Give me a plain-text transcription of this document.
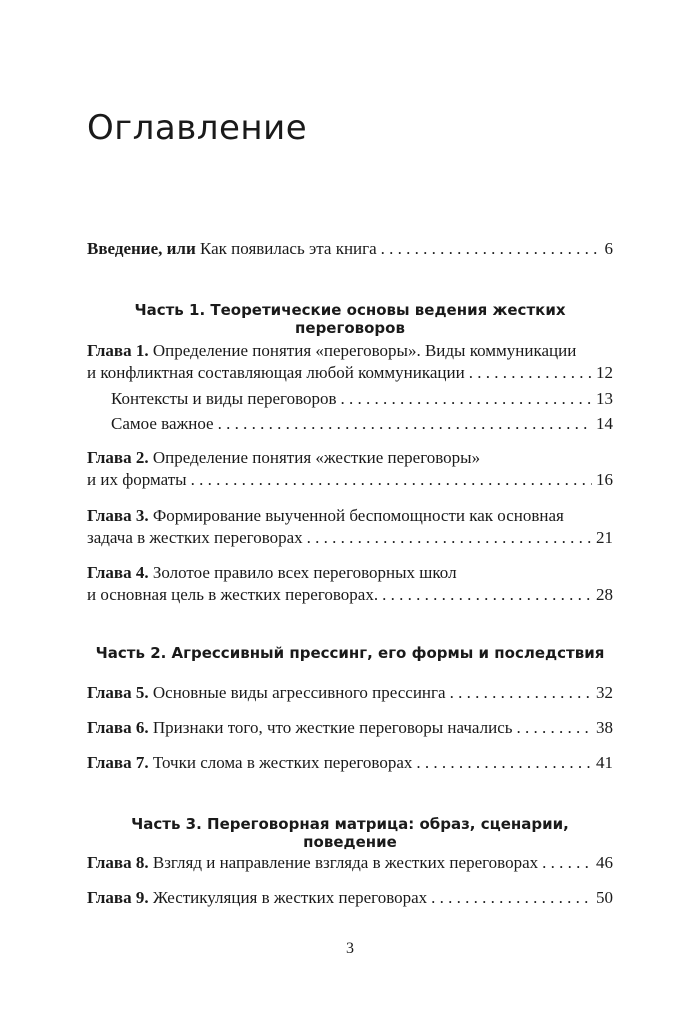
Оглавление
Введение, или Как появилась эта книга . . .	6
Часть 1. Теоретические основы ведения жестких переговоров
Глава 1. Определение понятия «переговоры». Виды коммуникации
и конфликтная составляющая любой коммуникации . . .	12
Контексты и виды переговоров . . .	13
Самое важное . . .	14
Глава 2. Определение понятия «жесткие переговоры»
и их форматы . . .	16
Глава 3. Формирование выученной беспомощности как основная
задача в жестких переговорах . . .	21
Глава 4. Золотое правило всех переговорных школ
и основная цель в жестких переговорах. . . .	28
Часть 2. Агрессивный прессинг, его формы и последствия
Глава 5. Основные виды агрессивного прессинга . . .	32
Глава 6. Признаки того, что жесткие переговоры начались . . .	38
Глава 7. Точки слома в жестких переговорах . . .	41
Часть 3. Переговорная матрица: образ, сценарии, поведение
Глава 8. Взгляд и направление взгляда в жестких переговорах . . .	46
Глава 9. Жестикуляция в жестких переговорах . . .	50
3
